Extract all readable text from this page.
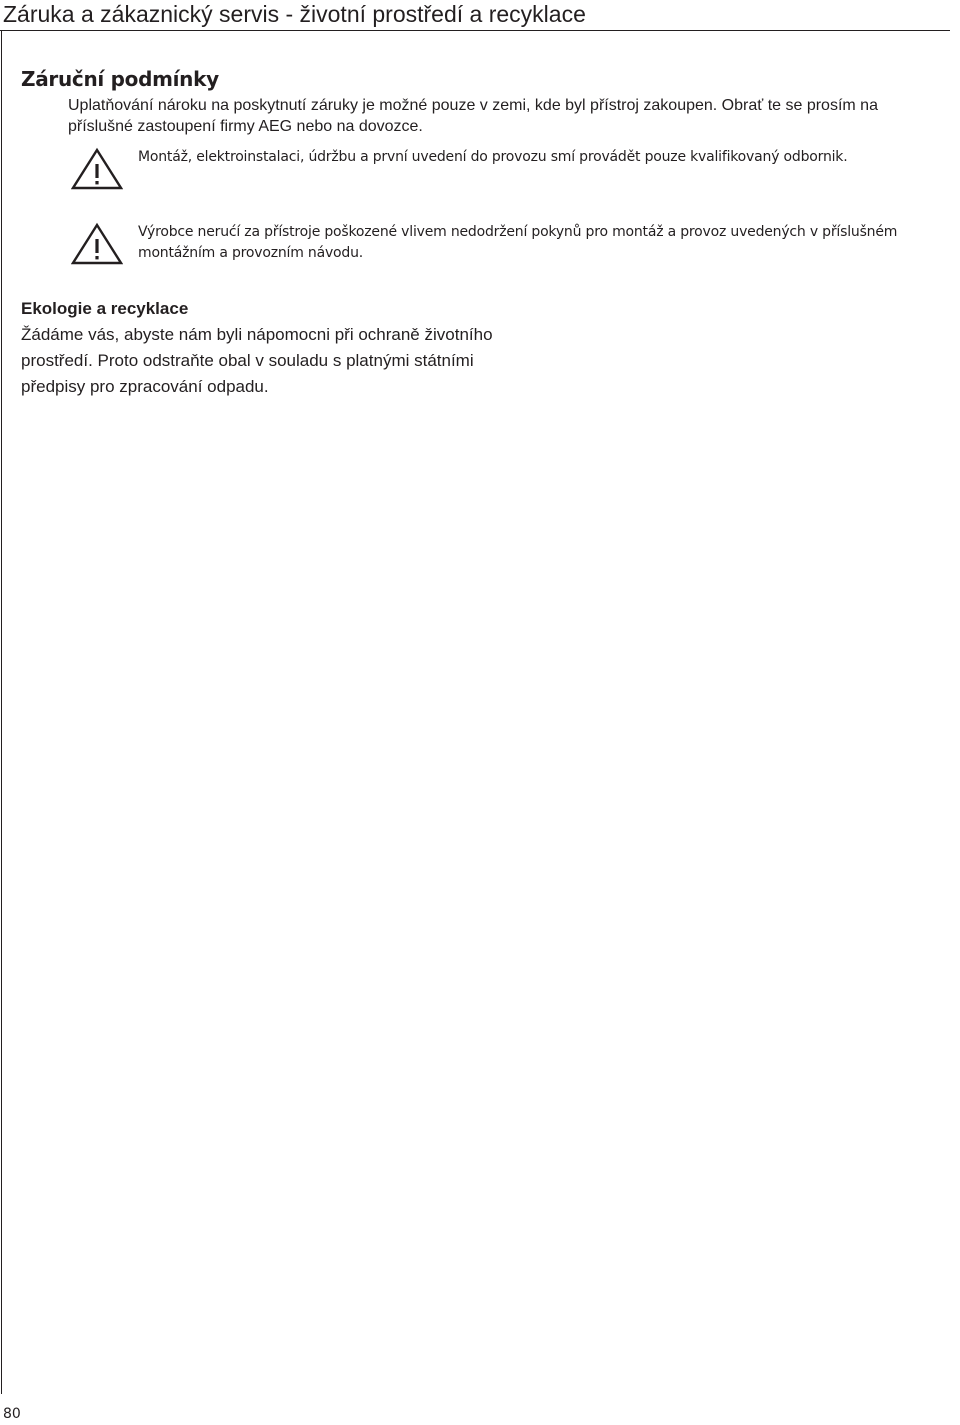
Záruka a zákaznický servis - životní prostředí a recyklace
Záruční podmínky
Uplatňování nároku na poskytnutí záruky je možné pouze v zemi, kde byl přístroj zakoupen. Obrať te se prosím na příslušné zastoupení firmy AEG nebo na dovozce.
Montáž, elektroinstalaci, údržbu a první uvedení do provozu smí provádět pouze kvalifikovaný odbornik.
Výrobce nerućí za přístroje poškozené vlivem nedodržení pokynů pro montáž a provoz uvedených v příslušném montážním a provozním návodu.
Ekologie a recyklace
Žádáme vás, abyste nám byli nápomocni při ochraně životního prostředí. Proto odstraňte obal v souladu s platnými státními předpisy pro zpracování odpadu.
80
